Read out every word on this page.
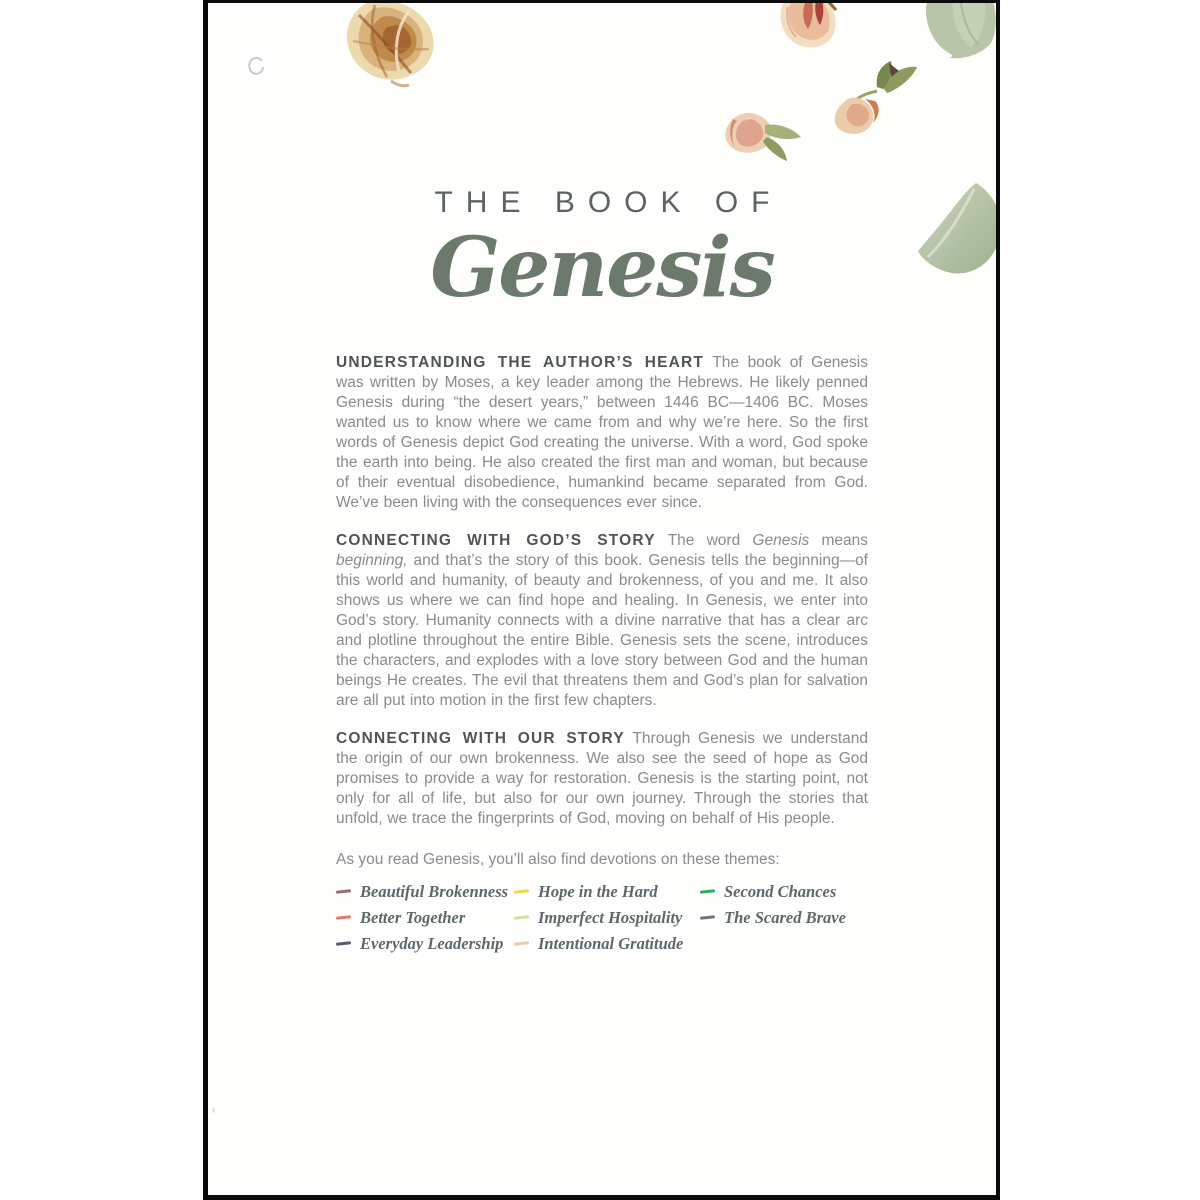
THE BOOK OF
Genesis

UNDERSTANDING THE AUTHOR’S HEART The book of Genesis was written by Moses, a key leader among the Hebrews. He likely penned Genesis during “the desert years,” between 1446 BC—1406 BC. Moses wanted us to know where we came from and why we’re here. So the first words of Genesis depict God creating the universe. With a word, God spoke the earth into being. He also created the first man and woman, but because of their eventual disobedience, humankind became separated from God. We’ve been living with the consequences ever since.

CONNECTING WITH GOD’S STORY The word Genesis means beginning, and that’s the story of this book. Genesis tells the beginning—of this world and humanity, of beauty and brokenness, of you and me. It also shows us where we can find hope and healing. In Genesis, we enter into God’s story. Humanity connects with a divine narrative that has a clear arc and plotline throughout the entire Bible. Genesis sets the scene, introduces the characters, and explodes with a love story between God and the human beings He creates. The evil that threatens them and God’s plan for salvation are all put into motion in the first few chapters.

CONNECTING WITH OUR STORY Through Genesis we understand the origin of our own brokenness. We also see the seed of hope as God promises to provide a way for restoration. Genesis is the starting point, not only for all of life, but also for our own journey. Through the stories that unfold, we trace the fingerprints of God, moving on behalf of His people.

As you read Genesis, you’ll also find devotions on these themes:

Beautiful Brokenness
Better Together
Everyday Leadership
Hope in the Hard
Imperfect Hospitality
Intentional Gratitude
Second Chances
The Scared Brave
